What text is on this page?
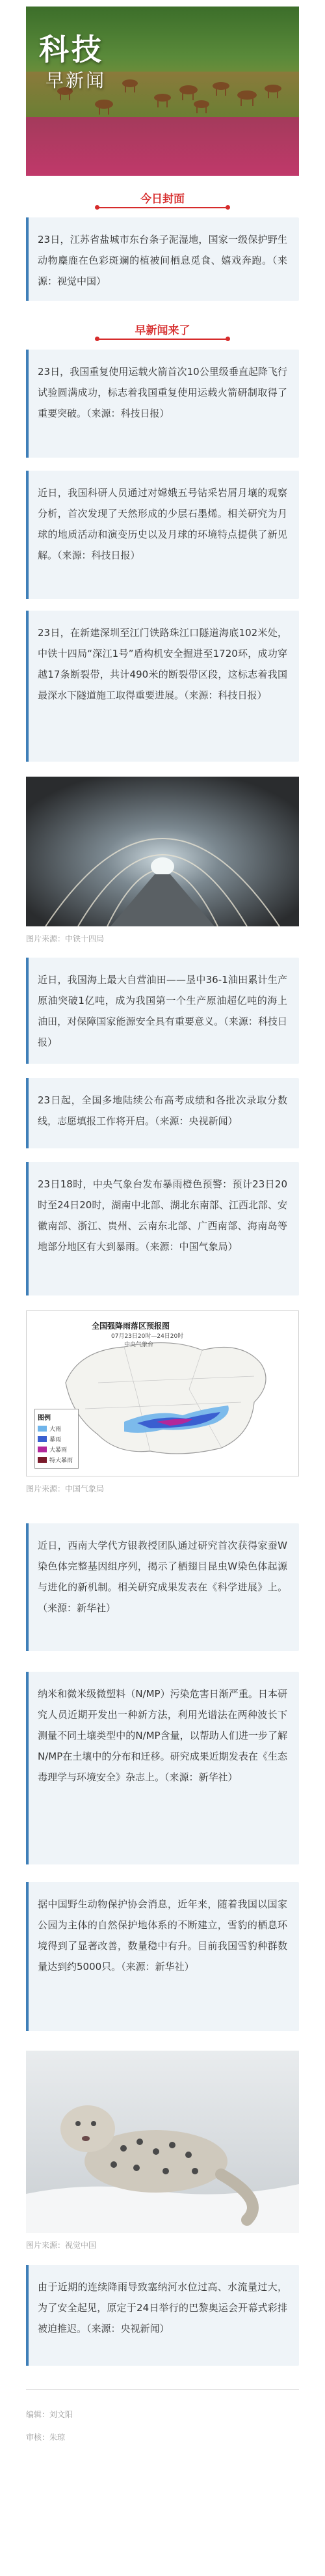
科技
早新闻
今日封面
23日，江苏省盐城市东台条子泥湿地，国家一级保护野生动物麋鹿在色彩斑斓的植被间栖息觅食、嬉戏奔跑。（来源：视觉中国）
早新闻来了
23日，我国重复使用运载火箭首次10公里级垂直起降飞行试验圆满成功，标志着我国重复使用运载火箭研制取得了重要突破。（来源：科技日报）
近日，我国科研人员通过对嫦娥五号钻采岩屑月壤的观察分析，首次发现了天然形成的少层石墨烯。相关研究为月球的地质活动和演变历史以及月球的环境特点提供了新见解。（来源：科技日报）
23日，在新建深圳至江门铁路珠江口隧道海底102米处，中铁十四局“深江1号”盾构机安全掘进至1720环，成功穿越17条断裂带，共计490米的断裂带区段，这标志着我国最深水下隧道施工取得重要进展。（来源：科技日报）
图片来源：中铁十四局
近日，我国海上最大自营油田——垦中36-1油田累计生产原油突破1亿吨，成为我国第一个生产原油超亿吨的海上油田，对保障国家能源安全具有重要意义。（来源：科技日报）
23日起，全国多地陆续公布高考成绩和各批次录取分数线，志愿填报工作将开启。（来源：央视新闻）
23日18时，中央气象台发布暴雨橙色预警：预计23日20时至24日20时，湖南中北部、湖北东南部、江西北部、安徽南部、浙江、贵州、云南东北部、广西南部、海南岛等地部分地区有大到暴雨。（来源：中国气象局）
全国强降雨落区预报图
07月23日20时—24日20时
中央气象台
图例
大雨
暴雨
大暴雨
特大暴雨
图片来源：中国气象局
近日，西南大学代方银教授团队通过研究首次获得家蚕W染色体完整基因组序列，揭示了栖翅目昆虫W染色体起源与进化的新机制。相关研究成果发表在《科学进展》上。（来源：新华社）
纳米和微米级微塑料（N/MP）污染危害日渐严重。日本研究人员近期开发出一种新方法，利用光谱法在两种波长下测量不同土壤类型中的N/MP含量，以帮助人们进一步了解N/MP在土壤中的分布和迁移。研究成果近期发表在《生态毒理学与环境安全》杂志上。（来源：新华社）
据中国野生动物保护协会消息，近年来，随着我国以国家公园为主体的自然保护地体系的不断建立，雪豹的栖息环境得到了显著改善，数量稳中有升。目前我国雪豹种群数量达到约5000只。（来源：新华社）
图片来源：视觉中国
由于近期的连续降雨导致塞纳河水位过高、水流量过大，为了安全起见，原定于24日举行的巴黎奥运会开幕式彩排被迫推迟。（来源：央视新闻）
编辑：刘文阳
审核：朱琼
